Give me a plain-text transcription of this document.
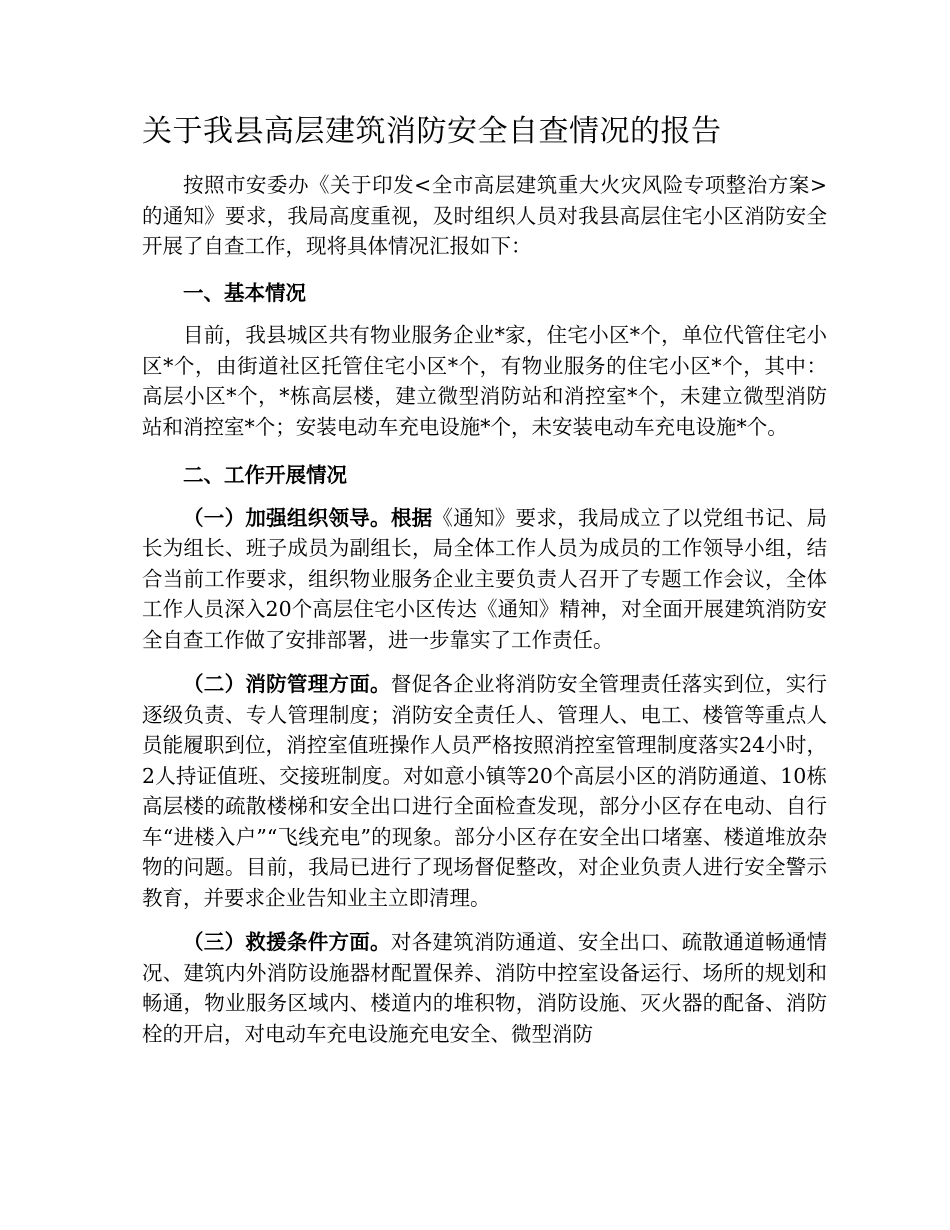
关于我县高层建筑消防安全自查情况的报告

按照市安委办《关于印发<全市高层建筑重大火灾风险专项整治方案>的通知》要求，我局高度重视，及时组织人员对我县高层住宅小区消防安全开展了自查工作，现将具体情况汇报如下：

一、基本情况

目前，我县城区共有物业服务企业*家，住宅小区*个，单位代管住宅小区*个，由街道社区托管住宅小区*个，有物业服务的住宅小区*个，其中：高层小区*个，*栋高层楼，建立微型消防站和消控室*个，未建立微型消防站和消控室*个；安装电动车充电设施*个，未安装电动车充电设施*个。

二、工作开展情况

（一）加强组织领导。根据《通知》要求，我局成立了以党组书记、局长为组长、班子成员为副组长，局全体工作人员为成员的工作领导小组，结合当前工作要求，组织物业服务企业主要负责人召开了专题工作会议，全体工作人员深入20个高层住宅小区传达《通知》精神，对全面开展建筑消防安全自查工作做了安排部署，进一步靠实了工作责任。

（二）消防管理方面。督促各企业将消防安全管理责任落实到位，实行逐级负责、专人管理制度；消防安全责任人、管理人、电工、楼管等重点人员能履职到位，消控室值班操作人员严格按照消控室管理制度落实24小时，2人持证值班、交接班制度。对如意小镇等20个高层小区的消防通道、10栋高层楼的疏散楼梯和安全出口进行全面检查发现，部分小区存在电动、自行车“进楼入户”“飞线充电”的现象。部分小区存在安全出口堵塞、楼道堆放杂物的问题。目前，我局已进行了现场督促整改，对企业负责人进行安全警示教育，并要求企业告知业主立即清理。

（三）救援条件方面。对各建筑消防通道、安全出口、疏散通道畅通情况、建筑内外消防设施器材配置保养、消防中控室设备运行、场所的规划和畅通，物业服务区域内、楼道内的堆积物，消防设施、灭火器的配备、消防栓的开启，对电动车充电设施充电安全、微型消防
